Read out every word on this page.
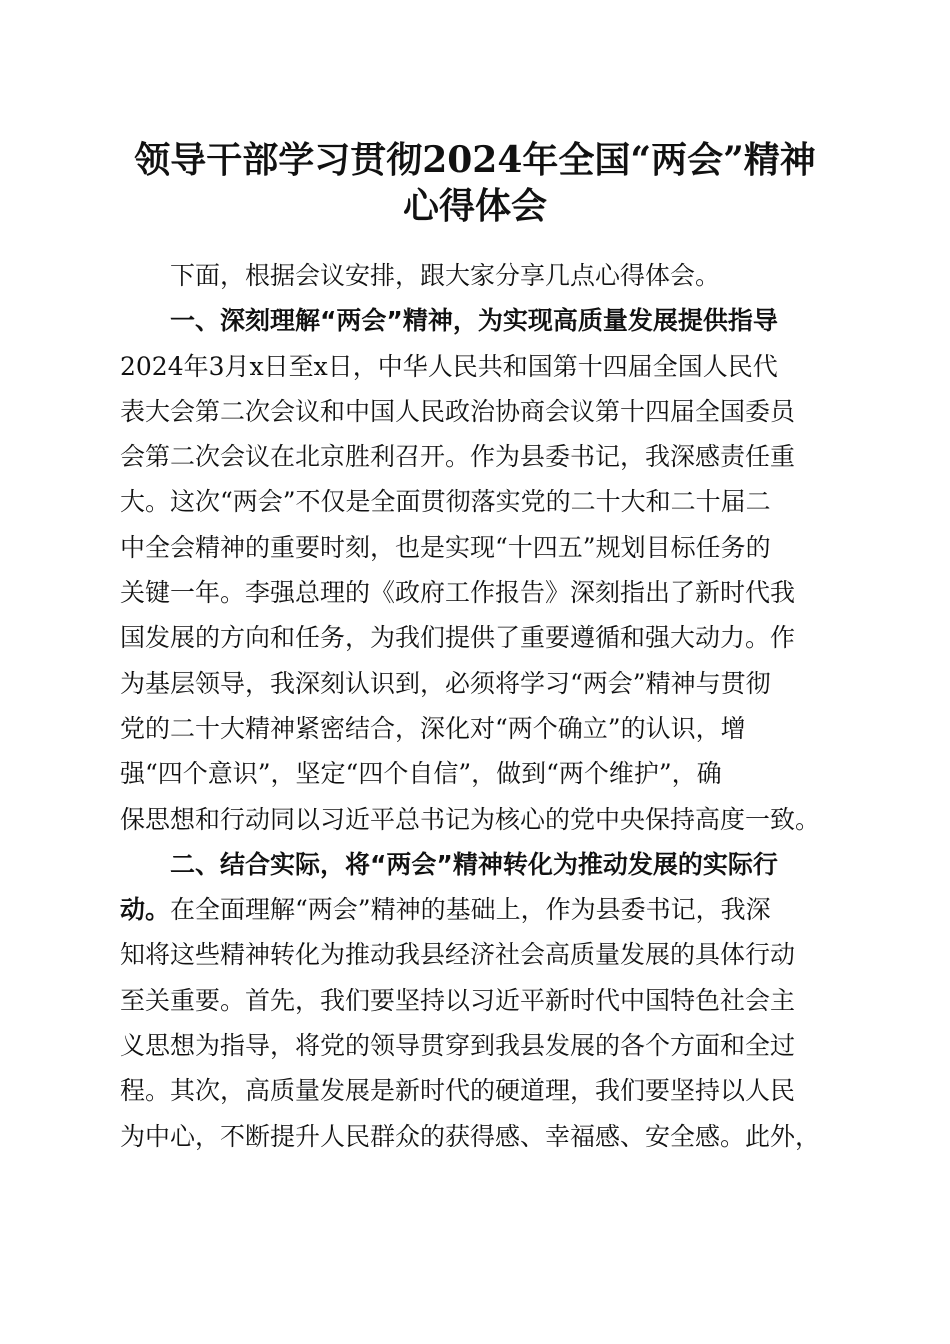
领导干部学习贯彻2024年全国“两会”精神
心得体会
下面，根据会议安排，跟大家分享几点心得体会。
一、深刻理解“两会”精神，为实现高质量发展提供指导
2024年3月x日至x日，中华人民共和国第十四届全国人民代
表大会第二次会议和中国人民政治协商会议第十四届全国委员
会第二次会议在北京胜利召开。作为县委书记，我深感责任重
大。这次“两会”不仅是全面贯彻落实党的二十大和二十届二
中全会精神的重要时刻，也是实现“十四五”规划目标任务的
关键一年。李强总理的《政府工作报告》深刻指出了新时代我
国发展的方向和任务，为我们提供了重要遵循和强大动力。作
为基层领导，我深刻认识到，必须将学习“两会”精神与贯彻
党的二十大精神紧密结合，深化对“两个确立”的认识，增
强“四个意识”，坚定“四个自信”，做到“两个维护”，确
保思想和行动同以习近平总书记为核心的党中央保持高度一致。
二、结合实际，将“两会”精神转化为推动发展的实际行
动。 在全面理解“两会”精神的基础上，作为县委书记，我深
知将这些精神转化为推动我县经济社会高质量发展的具体行动
至关重要。首先，我们要坚持以习近平新时代中国特色社会主
义思想为指导，将党的领导贯穿到我县发展的各个方面和全过
程。其次，高质量发展是新时代的硬道理，我们要坚持以人民
为中心，不断提升人民群众的获得感、幸福感、安全感。此外，
